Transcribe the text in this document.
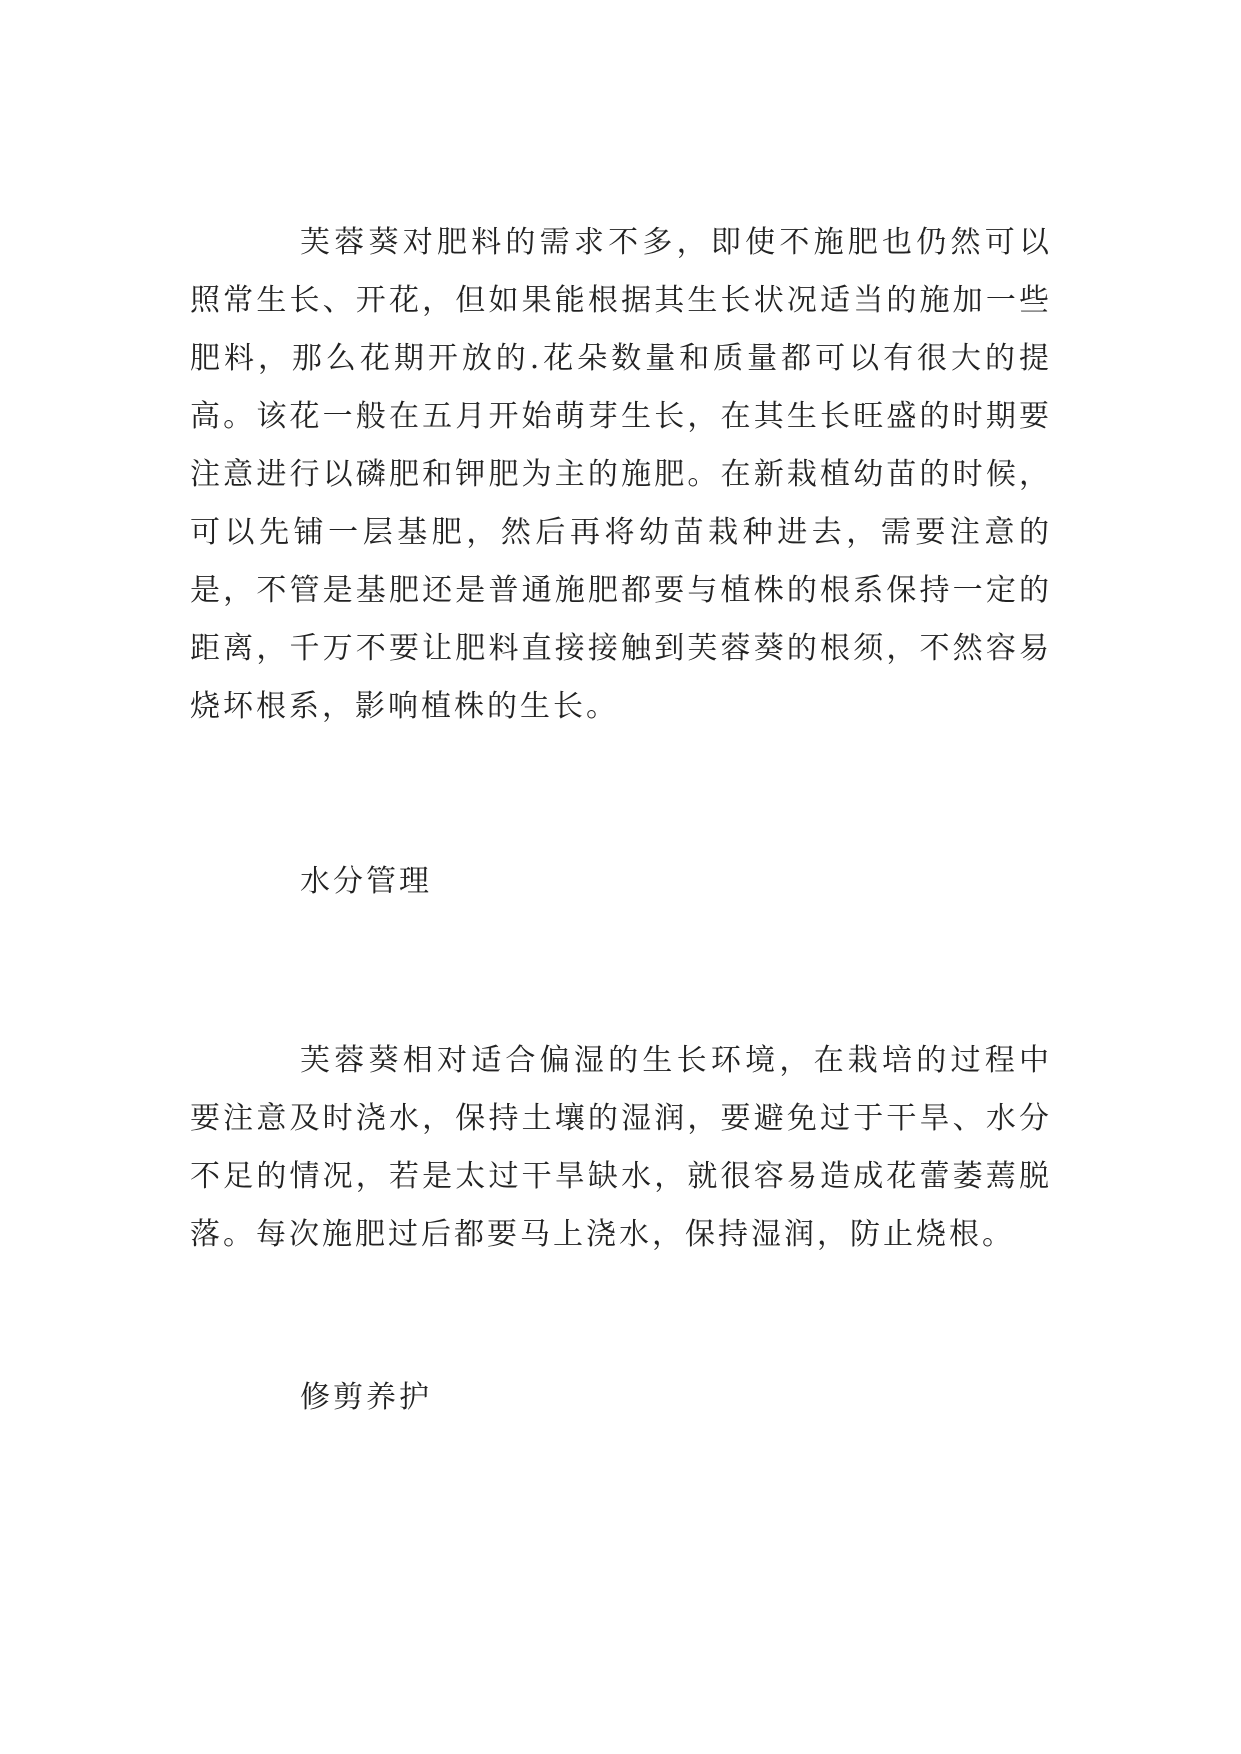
芙蓉葵对肥料的需求不多，即使不施肥也仍然可以照常生长、开花，但如果能根据其生长状况适当的施加一些肥料，那么花期开放的.花朵数量和质量都可以有很大的提高。该花一般在五月开始萌芽生长，在其生长旺盛的时期要注意进行以磷肥和钾肥为主的施肥。在新栽植幼苗的时候，可以先铺一层基肥，然后再将幼苗栽种进去，需要注意的是，不管是基肥还是普通施肥都要与植株的根系保持一定的距离，千万不要让肥料直接接触到芙蓉葵的根须，不然容易烧坏根系，影响植株的生长。

水分管理

芙蓉葵相对适合偏湿的生长环境，在栽培的过程中要注意及时浇水，保持土壤的湿润，要避免过于干旱、水分不足的情况，若是太过干旱缺水，就很容易造成花蕾萎蔫脱落。每次施肥过后都要马上浇水，保持湿润，防止烧根。

修剪养护
